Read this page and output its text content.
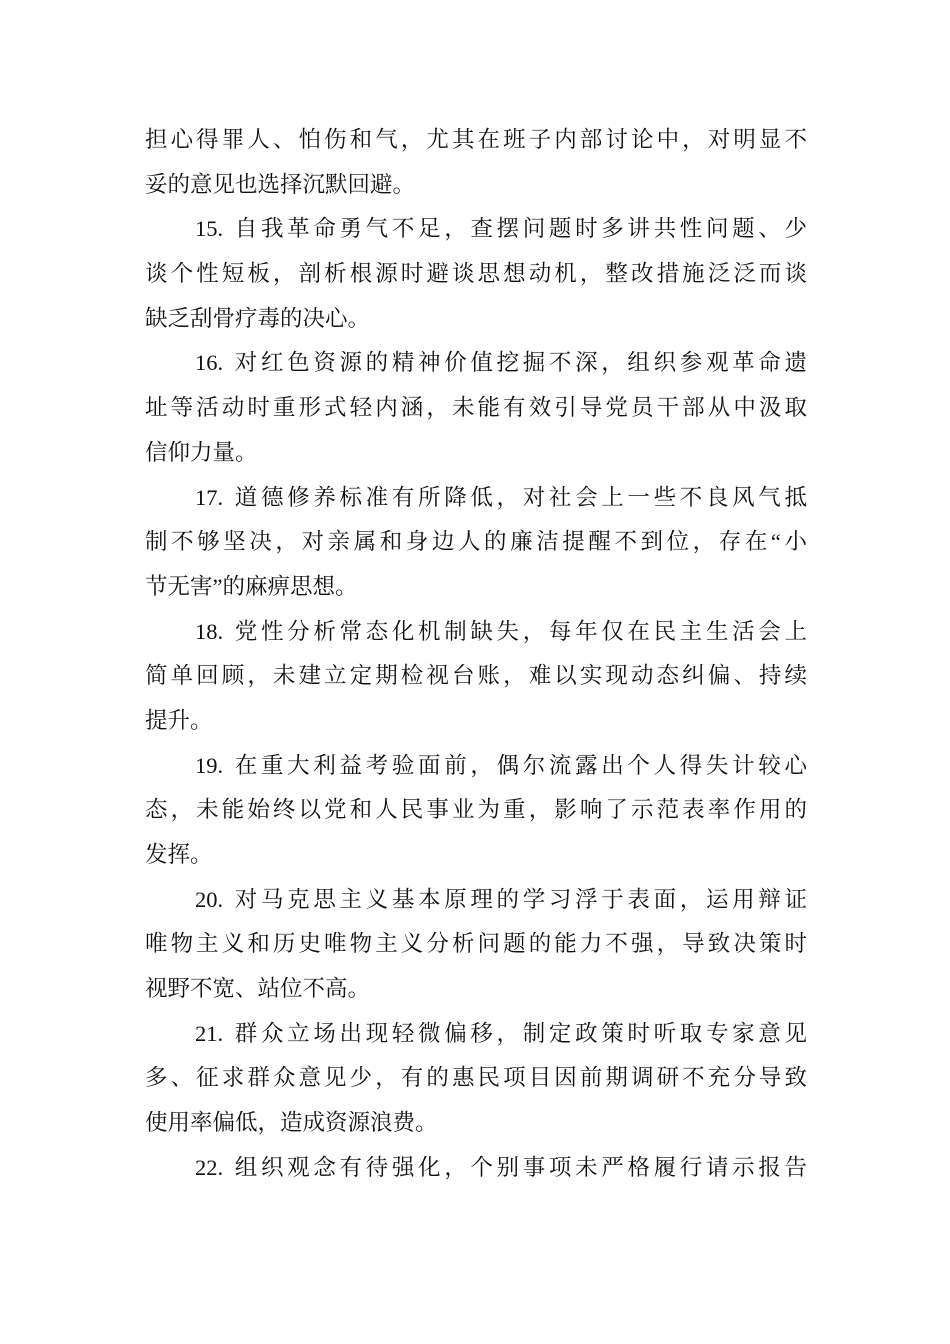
担心得罪人、怕伤和气，尤其在班子内部讨论中，对明显不
妥的意见也选择沉默回避。
15. 自我革命勇气不足，查摆问题时多讲共性问题、少
谈个性短板，剖析根源时避谈思想动机，整改措施泛泛而谈
缺乏刮骨疗毒的决心。
16. 对红色资源的精神价值挖掘不深，组织参观革命遗
址等活动时重形式轻内涵，未能有效引导党员干部从中汲取
信仰力量。
17. 道德修养标准有所降低，对社会上一些不良风气抵
制不够坚决，对亲属和身边人的廉洁提醒不到位，存在“小
节无害”的麻痹思想。
18. 党性分析常态化机制缺失，每年仅在民主生活会上
简单回顾，未建立定期检视台账，难以实现动态纠偏、持续
提升。
19. 在重大利益考验面前，偶尔流露出个人得失计较心
态，未能始终以党和人民事业为重，影响了示范表率作用的
发挥。
20. 对马克思主义基本原理的学习浮于表面，运用辩证
唯物主义和历史唯物主义分析问题的能力不强，导致决策时
视野不宽、站位不高。
21. 群众立场出现轻微偏移，制定政策时听取专家意见
多、征求群众意见少，有的惠民项目因前期调研不充分导致
使用率偏低，造成资源浪费。
22. 组织观念有待强化，个别事项未严格履行请示报告
